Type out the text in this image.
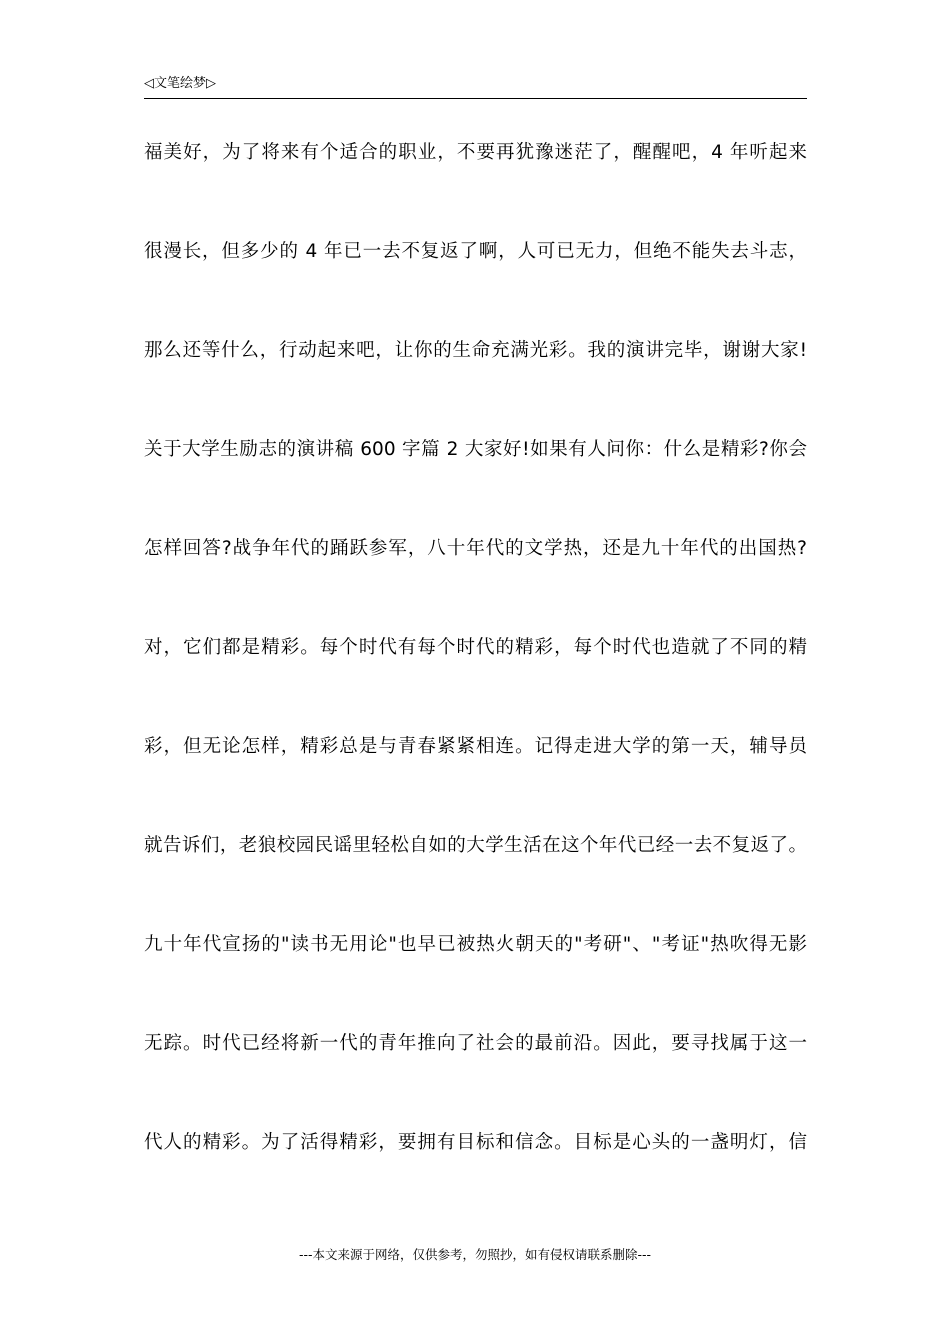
◁文笔绘梦▷
福美好，为了将来有个适合的职业，不要再犹豫迷茫了，醒醒吧，4 年听起来
很漫长，但多少的 4 年已一去不复返了啊，人可已无力，但绝不能失去斗志，
那么还等什么，行动起来吧，让你的生命充满光彩。我的演讲完毕，谢谢大家!
关于大学生励志的演讲稿 600 字篇 2 大家好!如果有人问你：什么是精彩?你会
怎样回答?战争年代的踊跃参军，八十年代的文学热，还是九十年代的出国热?
对，它们都是精彩。每个时代有每个时代的精彩，每个时代也造就了不同的精
彩，但无论怎样，精彩总是与青春紧紧相连。记得走进大学的第一天，辅导员
就告诉们，老狼校园民谣里轻松自如的大学生活在这个年代已经一去不复返了。
九十年代宣扬的"读书无用论"也早已被热火朝天的"考研"、"考证"热吹得无影
无踪。时代已经将新一代的青年推向了社会的最前沿。因此，要寻找属于这一
代人的精彩。为了活得精彩，要拥有目标和信念。目标是心头的一盏明灯，信
---本文来源于网络，仅供参考，勿照抄，如有侵权请联系删除---
